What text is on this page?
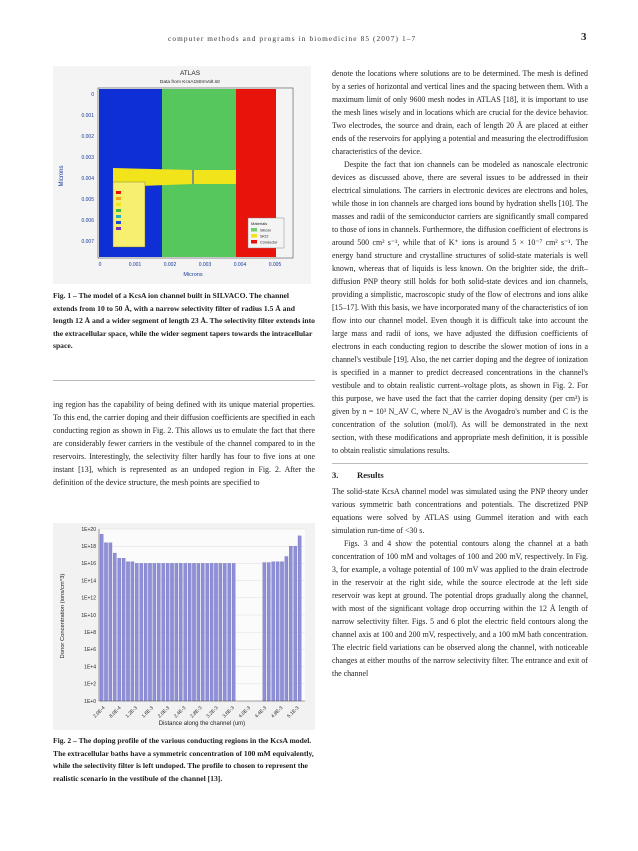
computer methods and programs in biomedicine 85 (2007) 1–7	3
ATLAS
Data from KcsA150mVolt.str
Microns
Materials
Silicon
SiO2
Conductor
0
0.001
0.002
0.003
0.004
0.005
0.006
0.007
0	0.001	0.002	0.003	0.004	0.005
Microns
Fig. 1 – The model of a KcsA ion channel built in SILVACO. The channel extends from 10 to 50 Å, with a narrow selectivity filter of radius 1.5 Å and length 12 Å and a wider segment of length 23 Å. The selectivity filter extends into the extracellular space, while the wider segment tapers towards the intracellular space.

ing region has the capability of being defined with its unique material properties. To this end, the carrier doping and their diffusion coefficients are specified in each conducting region as shown in Fig. 2. This allows us to emulate the fact that there are considerably fewer carriers in the vestibule of the channel compared to in the reservoirs. Interestingly, the selectivity filter hardly has four to five ions at one instant [13], which is represented as an undoped region in Fig. 2. After the definition of the device structure, the mesh points are specified to

Donor Concentration (ions/cm^3)
Distance along the channel (um)
1E+0
1E+2
1E+4
1E+6
1E+8
1E+10
1E+12
1E+14
1E+16
1E+18
1E+20
2.0E-4 8.0E-4 1.2E-3 1.6E-3 2.0E-3 2.4E-3 2.8E-3 3.2E-3 3.6E-3 4.0E-3 4.4E-3 4.8E-3 5.1E-3
Fig. 2 – The doping profile of the various conducting regions in the KcsA model. The extracellular baths have a symmetric concentration of 100 mM equivalently, while the selectivity filter is left undoped. The profile to chosen to represent the realistic scenario in the vestibule of the channel [13].

denote the locations where solutions are to be determined. The mesh is defined by a series of horizontal and vertical lines and the spacing between them. With a maximum limit of only 9600 mesh nodes in ATLAS [18], it is important to use the mesh lines wisely and in locations which are crucial for the device behavior. Two electrodes, the source and drain, each of length 20 Å are placed at either ends of the reservoirs for applying a potential and measuring the electrodiffusion characteristics of the device.

Despite the fact that ion channels can be modeled as nanoscale electronic devices as discussed above, there are several issues to be addressed in their electrical simulations. The carriers in electronic devices are electrons and holes, while those in ion channels are charged ions bound by hydration shells [10]. The masses and radii of the semiconductor carriers are significantly small compared to those of ions in channels. Furthermore, the diffusion coefficient of electrons is around 500 cm² s⁻¹, while that of K⁺ ions is around 5 × 10⁻⁷ cm² s⁻¹. The energy band structure and crystalline structures of solid-state materials is well known, whereas that of liquids is less known. On the brighter side, the drift–diffusion PNP theory still holds for both solid-state devices and ion channels, providing a simplistic, macroscopic study of the flow of electrons and ions alike [15–17]. With this basis, we have incorporated many of the characteristics of ion flow into our channel model. Even though it is difficult take into account the large mass and radii of ions, we have adjusted the diffusion coefficients of electrons in each conducting region to describe the slower motion of ions in a channel's vestibule [19]. Also, the net carrier doping and the degree of ionization is specified in a manner to predict decreased concentrations in the channel's vestibule and to obtain realistic current–voltage plots, as shown in Fig. 2. For this purpose, we have used the fact that the carrier doping density (per cm³) is given by n = 10³ N_AV C, where N_AV is the Avogadro's number and C is the concentration of the solution (mol/l). As will be demonstrated in the next section, with these modifications and appropriate mesh definition, it is possible to obtain realistic simulations results.

3. Results

The solid-state KcsA channel model was simulated using the PNP theory under various symmetric bath concentrations and potentials. The discretized PNP equations were solved by ATLAS using Gummel iteration and with each simulation run-time of <30 s.

Figs. 3 and 4 show the potential contours along the channel at a bath concentration of 100 mM and voltages of 100 and 200 mV, respectively. In Fig. 3, for example, a voltage potential of 100 mV was applied to the drain electrode in the reservoir at the right side, while the source electrode at the left side reservoir was kept at ground. The potential drops gradually along the channel, with most of the significant voltage drop occurring within the 12 Å length of narrow selectivity filter. Figs. 5 and 6 plot the electric field contours along the channel axis at 100 and 200 mV, respectively, and a 100 mM bath concentration. The electric field variations can be observed along the channel, with noticeable changes at either mouths of the narrow selectivity filter. The entrance and exit of the channel
